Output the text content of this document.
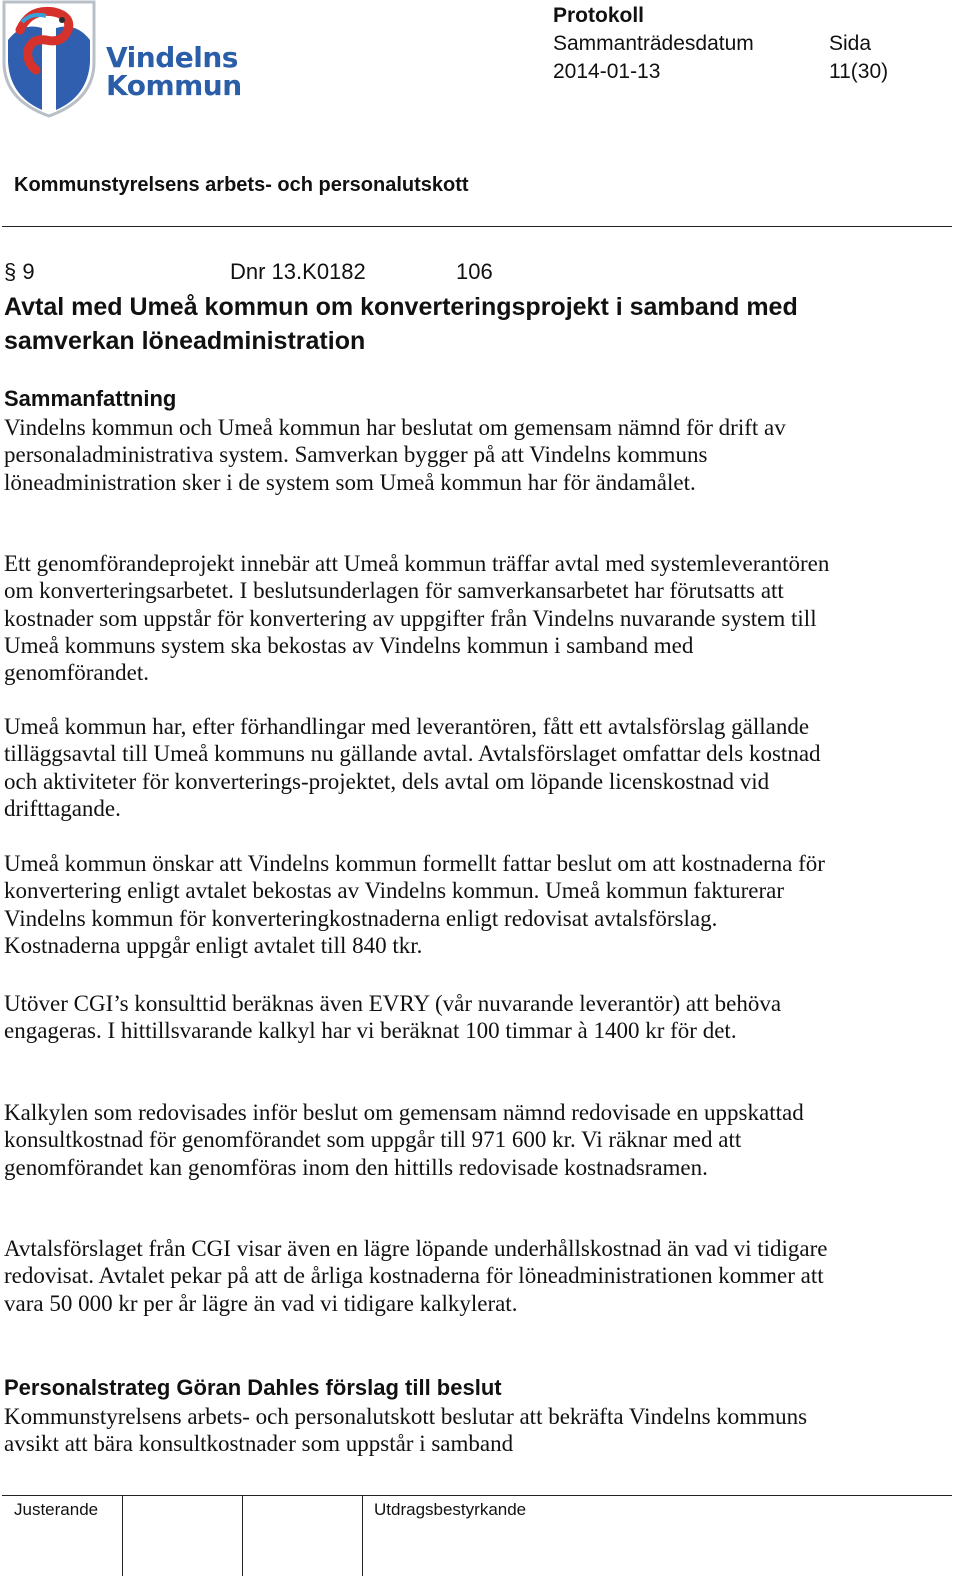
Vindelns
Kommun
Protokoll
Sammanträdesdatum
2014-01-13
Sida
11(30)
Kommunstyrelsens arbets- och personalutskott
§ 9	Dnr 13.K0182	106
Avtal med Umeå kommun om konverteringsprojekt i samband med samverkan löneadministration
Sammanfattning
Vindelns kommun och Umeå kommun har beslutat om gemensam nämnd för drift av personaladministrativa system. Samverkan bygger på att Vindelns kommuns löneadministration sker i de system som Umeå kommun har för ändamålet.
Ett genomförandeprojekt innebär att Umeå kommun träffar avtal med systemleverantören om konverteringsarbetet. I beslutsunderlagen för samverkansarbetet har förutsatts att kostnader som uppstår för konvertering av uppgifter från Vindelns nuvarande system till Umeå kommuns system ska bekostas av Vindelns kommun i samband med genomförandet.
Umeå kommun har, efter förhandlingar med leverantören, fått ett avtalsförslag gällande tilläggsavtal till Umeå kommuns nu gällande avtal. Avtalsförslaget omfattar dels kostnad och aktiviteter för konverterings-projektet, dels avtal om löpande licenskostnad vid drifttagande.
Umeå kommun önskar att Vindelns kommun formellt fattar beslut om att kostnaderna för konvertering enligt avtalet bekostas av Vindelns kommun. Umeå kommun fakturerar Vindelns kommun för konverteringkostnaderna enligt redovisat avtalsförslag. Kostnaderna uppgår enligt avtalet till 840 tkr.
Utöver CGI’s konsulttid beräknas även EVRY (vår nuvarande leverantör) att behöva engageras. I hittillsvarande kalkyl har vi beräknat 100 timmar à 1400 kr för det.
Kalkylen som redovisades inför beslut om gemensam nämnd redovisade en uppskattad konsultkostnad för genomförandet som uppgår till 971 600 kr. Vi räknar med att genomförandet kan genomföras inom den hittills redovisade kostnadsramen.
Avtalsförslaget från CGI visar även en lägre löpande underhållskostnad än vad vi tidigare redovisat. Avtalet pekar på att de årliga kostnaderna för löneadministrationen kommer att vara 50 000 kr per år lägre än vad vi tidigare kalkylerat.
Personalstrateg Göran Dahles förslag till beslut
Kommunstyrelsens arbets- och personalutskott beslutar att bekräfta Vindelns kommuns avsikt att bära konsultkostnader som uppstår i samband
Justerande	Utdragsbestyrkande
